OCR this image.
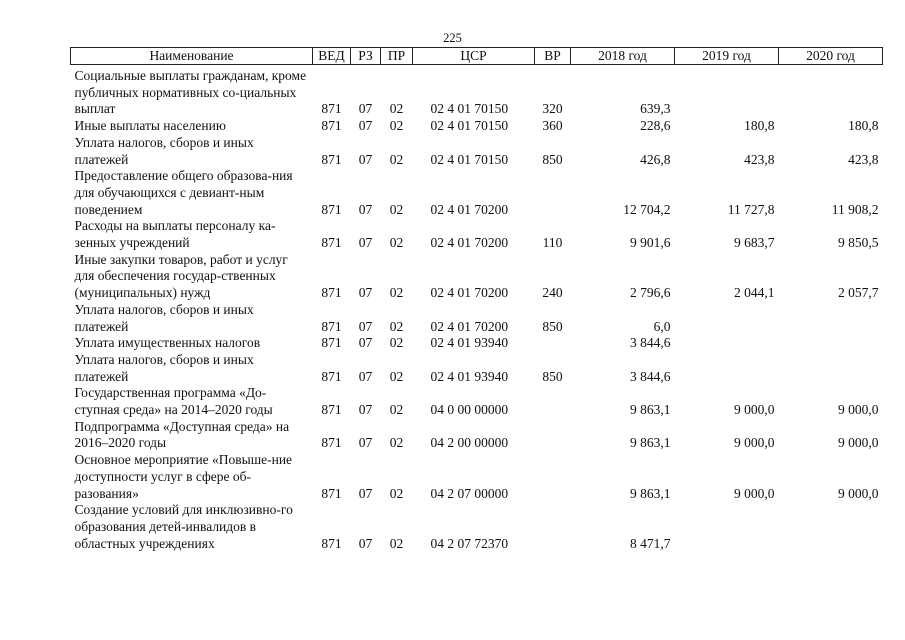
225
Наименование	ВЕД	РЗ	ПР	ЦСР	ВР	2018 год	2019 год	2020 год
Социальные выплаты гражданам, кроме публичных нормативных со-циальных выплат	871	07	02	02 4 01 70150	320	639,3		
Иные выплаты населению	871	07	02	02 4 01 70150	360	228,6	180,8	180,8
Уплата налогов, сборов и иных платежей	871	07	02	02 4 01 70150	850	426,8	423,8	423,8
Предоставление общего образова-ния для обучающихся с девиант-ным поведением	871	07	02	02 4 01 70200		12 704,2	11 727,8	11 908,2
Расходы на выплаты персоналу ка-зенных учреждений	871	07	02	02 4 01 70200	110	9 901,6	9 683,7	9 850,5
Иные закупки товаров, работ и услуг для обеспечения государ-ственных (муниципальных) нужд	871	07	02	02 4 01 70200	240	2 796,6	2 044,1	2 057,7
Уплата налогов, сборов и иных платежей	871	07	02	02 4 01 70200	850	6,0		
Уплата имущественных налогов	871	07	02	02 4 01 93940		3 844,6		
Уплата налогов, сборов и иных платежей	871	07	02	02 4 01 93940	850	3 844,6		
Государственная программа «До-ступная среда» на 2014–2020 годы	871	07	02	04 0 00 00000		9 863,1	9 000,0	9 000,0
Подпрограмма «Доступная среда» на 2016–2020 годы	871	07	02	04 2 00 00000		9 863,1	9 000,0	9 000,0
Основное мероприятие «Повыше-ние доступности услуг в сфере об-разования»	871	07	02	04 2 07 00000		9 863,1	9 000,0	9 000,0
Создание условий для инклюзивно-го образования детей-инвалидов в областных учреждениях	871	07	02	04 2 07 72370		8 471,7		
